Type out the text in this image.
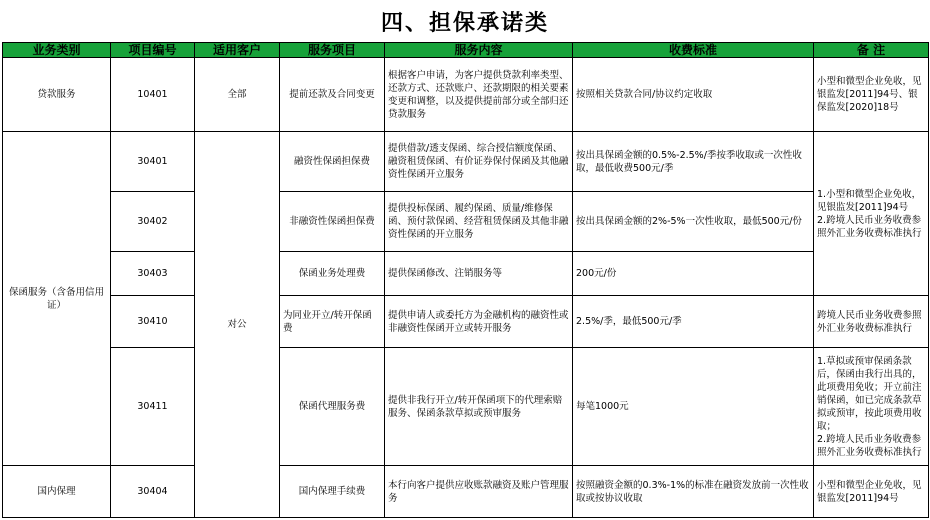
四、担保承诺类
业务类别	项目编号	适用客户	服务项目	服务内容	收费标准	备 注
贷款服务	10401	全部	提前还款及合同变更	根据客户申请，为客户提供贷款利率类型、还款方式、还款账户、还款期限的相关要素变更和调整，以及提供提前部分或全部归还贷款服务	按照相关贷款合同/协议约定收取	小型和微型企业免收，见银监发[2011]94号、银保监发[2020]18号
保函服务（含备用信用证）	30401	对公	融资性保函担保费	提供借款/透支保函、综合授信额度保函、融资租赁保函、有价证券保付保函及其他融资性保函开立服务	按出具保函金额的0.5%-2.5%/季按季收取或一次性收取，最低收费500元/季	1.小型和微型企业免收，见银监发[2011]94号
2.跨境人民币业务收费参照外汇业务收费标准执行
	30402		非融资性保函担保费	提供投标保函、履约保函、质量/维修保函、预付款保函、经营租赁保函及其他非融资性保函的开立服务	按出具保函金额的2%-5%一次性收取，最低500元/份	
	30403		保函业务处理费	提供保函修改、注销服务等	200元/份	
	30410		为同业开立/转开保函费	提供申请人或委托方为金融机构的融资性或非融资性保函开立或转开服务	2.5%/季，最低500元/季	跨境人民币业务收费参照外汇业务收费标准执行
	30411		保函代理服务费	提供非我行开立/转开保函项下的代理索赔服务、保函条款草拟或预审服务	每笔1000元	1.草拟或预审保函条款后，保函由我行出具的，此项费用免收；开立前注销保函，如已完成条款草拟或预审，按此项费用收取；
2.跨境人民币业务收费参照外汇业务收费标准执行
国内保理	30404		国内保理手续费	本行向客户提供应收账款融资及账户管理服务	按照融资金额的0.3%-1%的标准在融资发放前一次性收取或按协议收取	小型和微型企业免收，见银监发[2011]94号
